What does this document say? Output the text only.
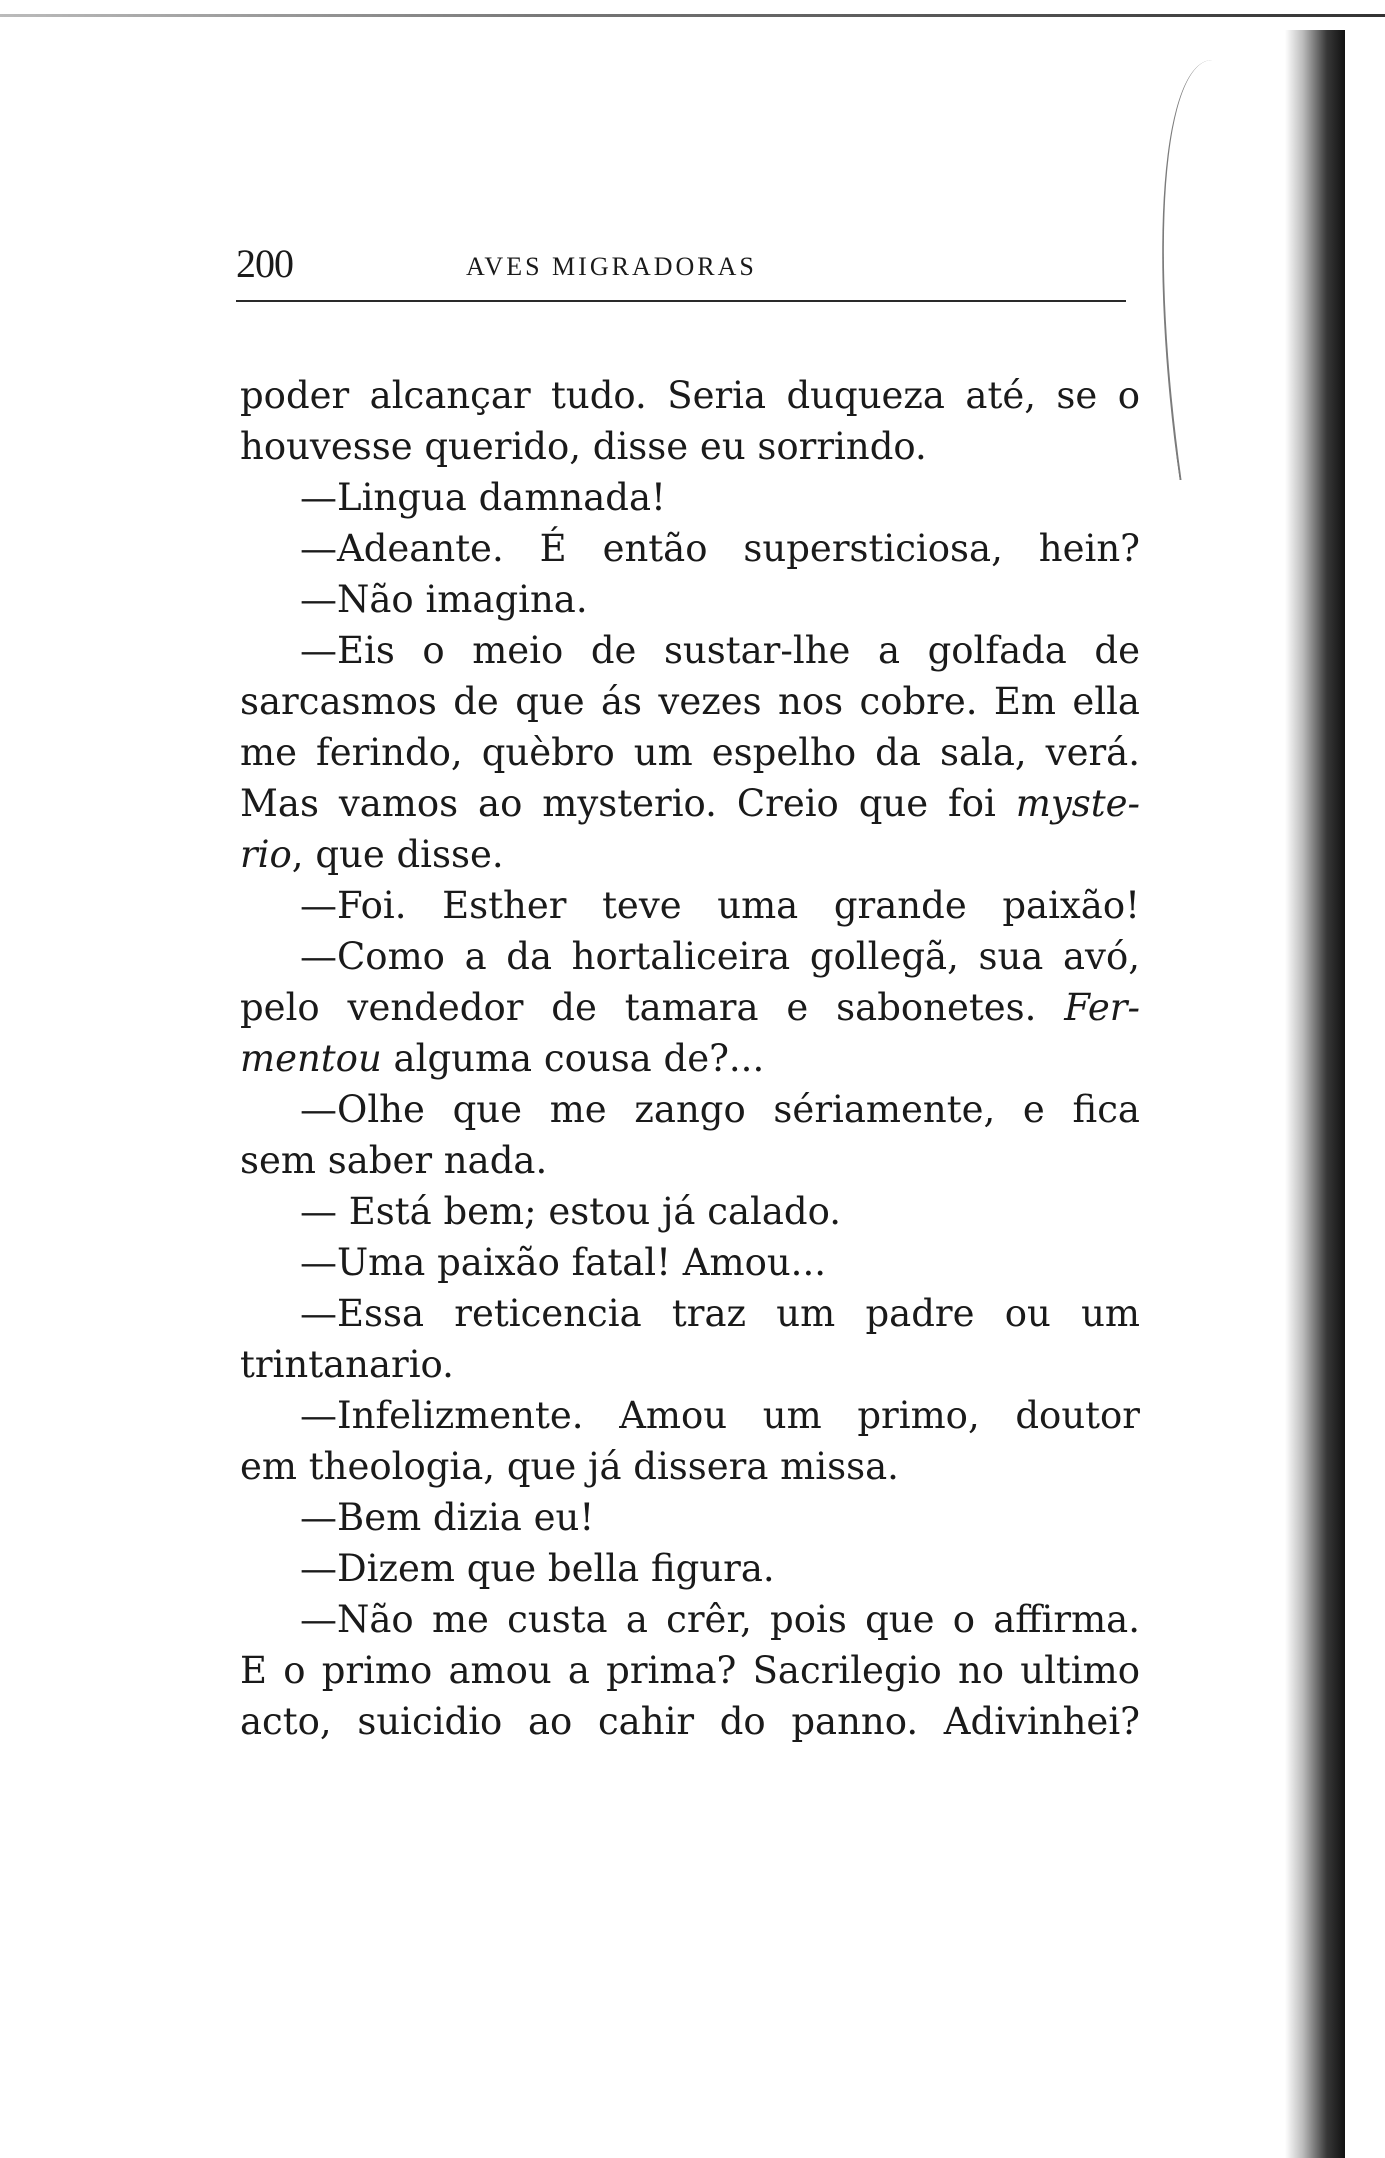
200	AVES MIGRADORAS
poder alcançar tudo. Seria duqueza até, se o
houvesse querido, disse eu sorrindo.
—Lingua damnada!
—Adeante. É então supersticiosa, hein?
—Não imagina.
—Eis o meio de sustar-lhe a golfada de
sarcasmos de que ás vezes nos cobre. Em ella
me ferindo, quèbro um espelho da sala, verá.
Mas vamos ao mysterio. Creio que foi myste-
rio, que disse.
—Foi. Esther teve uma grande paixão!
—Como a da hortaliceira gollegã, sua avó,
pelo vendedor de tamara e sabonetes. Fer-
mentou alguma cousa de?...
—Olhe que me zango sériamente, e fica
sem saber nada.
— Está bem; estou já calado.
—Uma paixão fatal! Amou...
—Essa reticencia traz um padre ou um
trintanario.
—Infelizmente. Amou um primo, doutor
em theologia, que já dissera missa.
—Bem dizia eu!
—Dizem que bella figura.
—Não me custa a crêr, pois que o affirma.
E o primo amou a prima? Sacrilegio no ultimo
acto, suicidio ao cahir do panno. Adivinhei?
